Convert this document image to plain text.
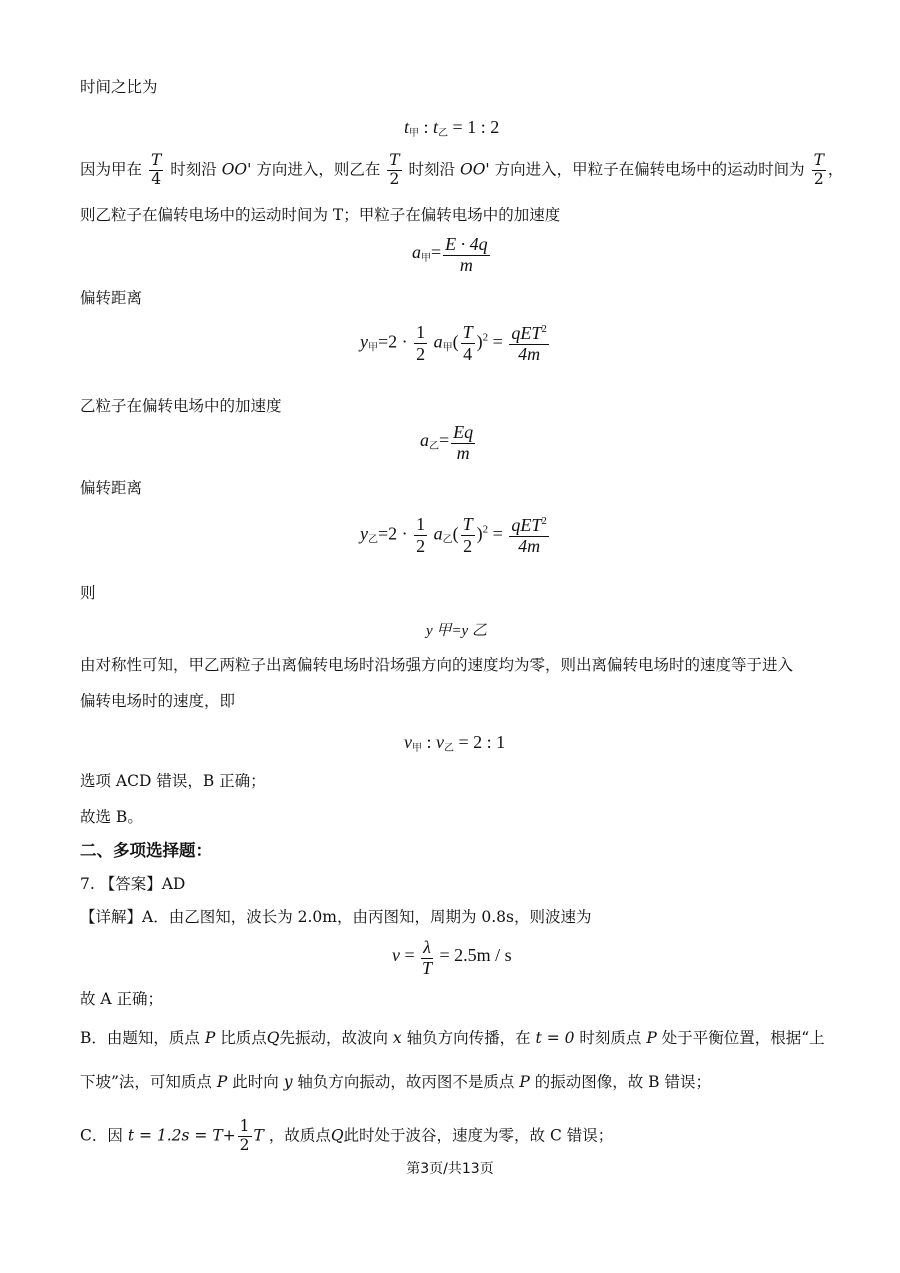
时间之比为
$t_甲$ : $t_乙 = 1$ : 2
因为甲在 $\frac{T}{4}$ 时刻沿 OO' 方向进入，则乙在 $\frac{T}{2}$ 时刻沿 OO' 方向进入，甲粒子在偏转电场中的运动时间为 $\frac{T}{2}$ ，
则乙粒子在偏转电场中的运动时间为 T；甲粒子在偏转电场中的加速度
$a_甲= \frac{E \cdot 4q}{m}$
偏转距离
$y_甲=2 \cdot \frac{1}{2} a_甲( \frac{T}{4} )^2 = \frac{qET^2}{4m}$
乙粒子在偏转电场中的加速度
$a_乙= \frac{Eq}{m}$
偏转距离
$y_乙=2 \cdot \frac{1}{2} a_乙( \frac{T}{2} )^2 = \frac{qET^2}{4m}$
则
y 甲=y 乙
由对称性可知，甲乙两粒子出离偏转电场时沿场强方向的速度均为零，则出离偏转电场时的速度等于进入
偏转电场时的速度，即
$v_甲$ : $v_乙 = 2$ : 1
选项 ACD 错误，B 正确；
故选 B。
二、多项选择题：
7. 【答案】AD
【详解】A．由乙图知，波长为 2.0m，由丙图知，周期为 0.8s，则波速为
$v = \frac{\lambda}{T} = 2.5m / s$
故 A 正确；
B．由题知，质点 P 比质点Q先振动，故波向 x 轴负方向传播，在 t = 0 时刻质点 P 处于平衡位置，根据“上
下坡”法，可知质点 P 此时向 y 轴负方向振动，故丙图不是质点 P 的振动图像，故 B 错误；
C．因 $t = 1.2s = T+ \frac{1}{2}$ T ，故质点Q此时处于波谷，速度为零，故 C 错误；
第3页/共13页
